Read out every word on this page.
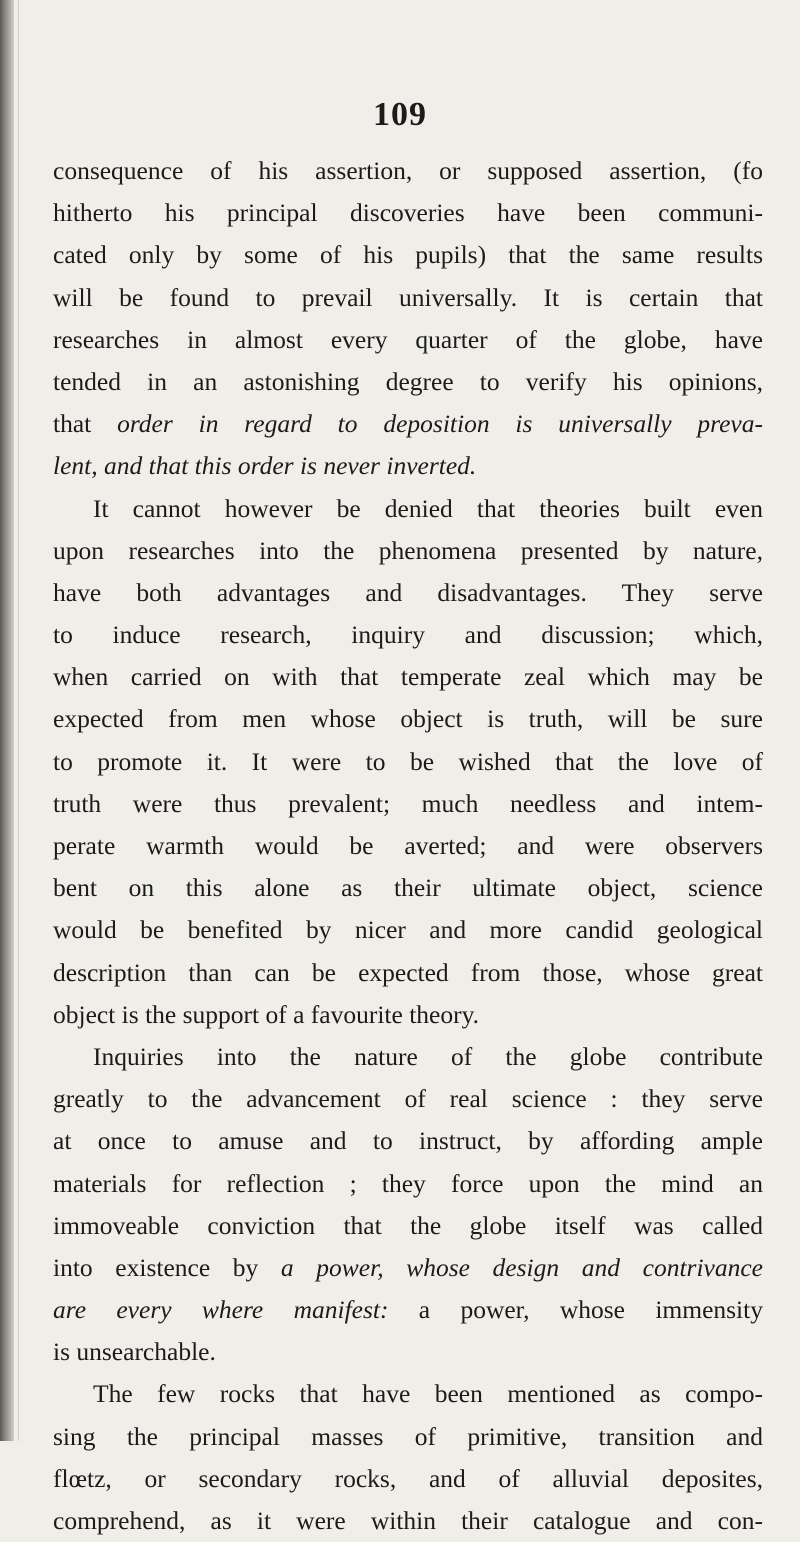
109
consequence of his assertion, or supposed assertion, (fo
hitherto his principal discoveries have been communi-
cated only by some of his pupils) that the same results
will be found to prevail universally. It is certain that
researches in almost every quarter of the globe, have
tended in an astonishing degree to verify his opinions,
that order in regard to deposition is universally preva-
lent, and that this order is never inverted.
It cannot however be denied that theories built even
upon researches into the phenomena presented by nature,
have both advantages and disadvantages. They serve
to induce research, inquiry and discussion; which,
when carried on with that temperate zeal which may be
expected from men whose object is truth, will be sure
to promote it. It were to be wished that the love of
truth were thus prevalent; much needless and intem-
perate warmth would be averted; and were observers
bent on this alone as their ultimate object, science
would be benefited by nicer and more candid geological
description than can be expected from those, whose great
object is the support of a favourite theory.
Inquiries into the nature of the globe contribute
greatly to the advancement of real science : they serve
at once to amuse and to instruct, by affording ample
materials for reflection ; they force upon the mind an
immoveable conviction that the globe itself was called
into existence by a power, whose design and contrivance
are every where manifest: a power, whose immensity
is unsearchable.
The few rocks that have been mentioned as compo-
sing the principal masses of primitive, transition and
flœtz, or secondary rocks, and of alluvial deposites,
comprehend, as it were within their catalogue and con-
